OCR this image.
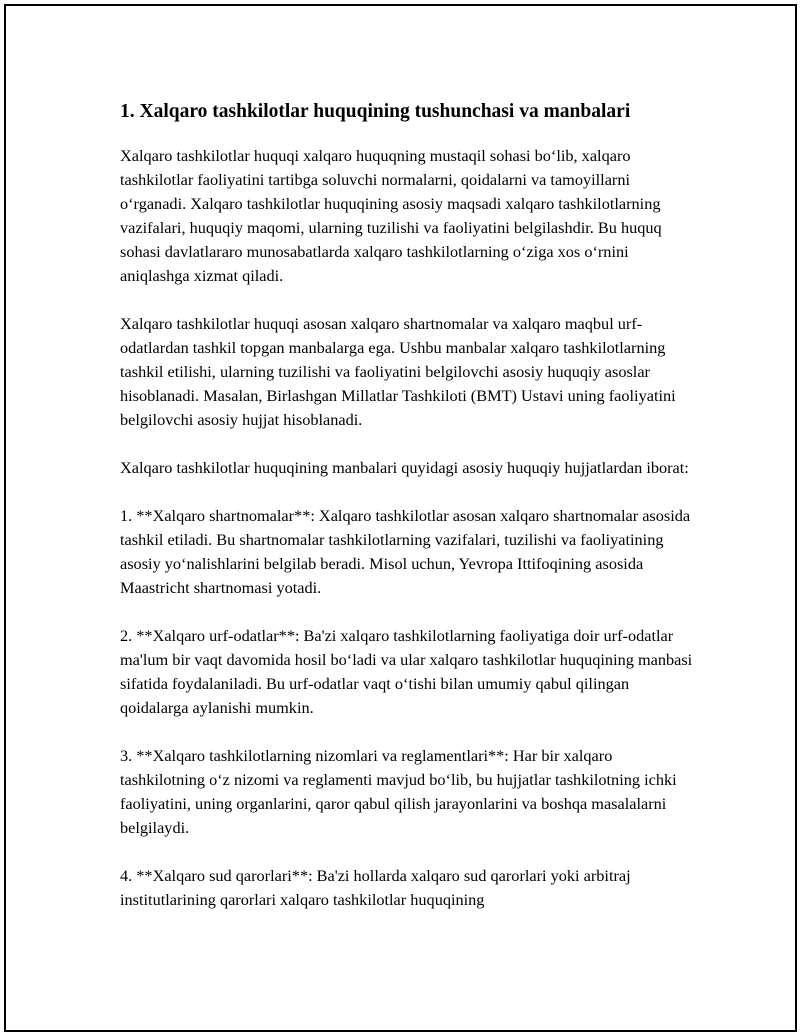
1. Xalqaro tashkilotlar huquqining tushunchasi va manbalari

Xalqaro tashkilotlar huquqi xalqaro huquqning mustaqil sohasi boʻlib, xalqaro tashkilotlar faoliyatini tartibga soluvchi normalarni, qoidalarni va tamoyillarni oʻrganadi. Xalqaro tashkilotlar huquqining asosiy maqsadi xalqaro tashkilotlarning vazifalari, huquqiy maqomi, ularning tuzilishi va faoliyatini belgilashdir. Bu huquq sohasi davlatlararo munosabatlarda xalqaro tashkilotlarning oʻziga xos oʻrnini aniqlashga xizmat qiladi.

Xalqaro tashkilotlar huquqi asosan xalqaro shartnomalar va xalqaro maqbul urf-odatlardan tashkil topgan manbalarga ega. Ushbu manbalar xalqaro tashkilotlarning tashkil etilishi, ularning tuzilishi va faoliyatini belgilovchi asosiy huquqiy asoslar hisoblanadi. Masalan, Birlashgan Millatlar Tashkiloti (BMT) Ustavi uning faoliyatini belgilovchi asosiy hujjat hisoblanadi.

Xalqaro tashkilotlar huquqining manbalari quyidagi asosiy huquqiy hujjatlardan iborat:

1. **Xalqaro shartnomalar**: Xalqaro tashkilotlar asosan xalqaro shartnomalar asosida tashkil etiladi. Bu shartnomalar tashkilotlarning vazifalari, tuzilishi va faoliyatining asosiy yoʻnalishlarini belgilab beradi. Misol uchun, Yevropa Ittifoqining asosida Maastricht shartnomasi yotadi.

2. **Xalqaro urf-odatlar**: Ba'zi xalqaro tashkilotlarning faoliyatiga doir urf-odatlar ma'lum bir vaqt davomida hosil boʻladi va ular xalqaro tashkilotlar huquqining manbasi sifatida foydalaniladi. Bu urf-odatlar vaqt oʻtishi bilan umumiy qabul qilingan qoidalarga aylanishi mumkin.

3. **Xalqaro tashkilotlarning nizomlari va reglamentlari**: Har bir xalqaro tashkilotning oʻz nizomi va reglamenti mavjud boʻlib, bu hujjatlar tashkilotning ichki faoliyatini, uning organlarini, qaror qabul qilish jarayonlarini va boshqa masalalarni belgilaydi.

4. **Xalqaro sud qarorlari**: Ba'zi hollarda xalqaro sud qarorlari yoki arbitraj institutlarining qarorlari xalqaro tashkilotlar huquqining
